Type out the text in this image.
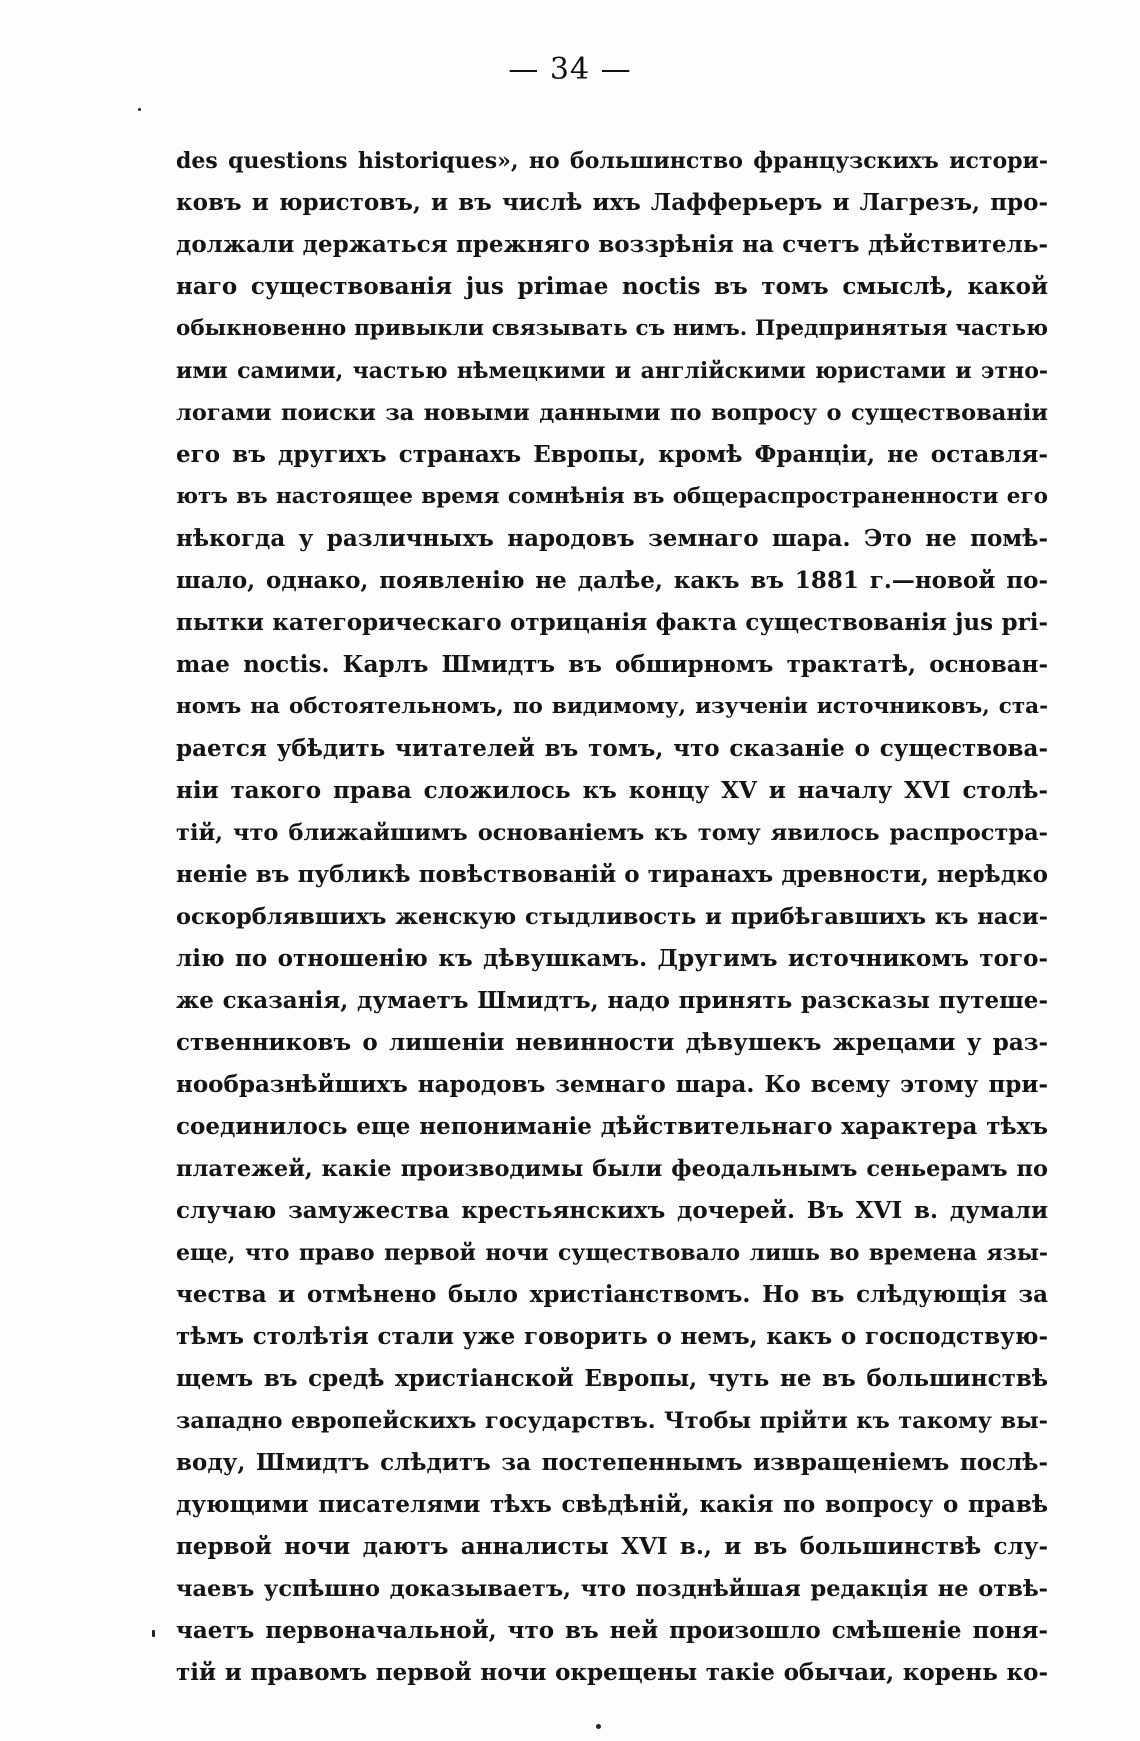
— 34 —
des questions historiques», но большинство французскихъ истори-
ковъ и юристовъ, и въ числѣ ихъ Лафферьеръ и Лагрезъ, про-
должали держаться прежняго воззрѣнія на счетъ дѣйствитель-
наго существованія jus primae noctis въ томъ смыслѣ, какой
обыкновенно привыкли связывать съ нимъ. Предпринятыя частью
ими самими, частью нѣмецкими и англійскими юристами и этно-
логами поиски за новыми данными по вопросу о существованіи
его въ другихъ странахъ Европы, кромѣ Франціи, не оставля-
ютъ въ настоящее время сомнѣнія въ общераспространенности его
нѣкогда у различныхъ народовъ земнаго шара. Это не помѣ-
шало, однако, появленію не далѣе, какъ въ 1881 г.—новой по-
пытки категорическаго отрицанія факта существованія jus pri-
mae noctis. Карлъ Шмидтъ въ обширномъ трактатѣ, основан-
номъ на обстоятельномъ, по видимому, изученіи источниковъ, ста-
рается убѣдить читателей въ томъ, что сказаніе о существова-
ніи такого права сложилось къ концу XV и началу XVI столѣ-
тій, что ближайшимъ основаніемъ къ тому явилось распростра-
неніе въ публикѣ повѣствованій о тиранахъ древности, нерѣдко
оскорблявшихъ женскую стыдливость и прибѣгавшихъ къ наси-
лію по отношенію къ дѣвушкамъ. Другимъ источникомъ того-
же сказанія, думаетъ Шмидтъ, надо принять разсказы путеше-
ственниковъ о лишеніи невинности дѣвушекъ жрецами у раз-
нообразнѣйшихъ народовъ земнаго шара. Ко всему этому при-
соединилось еще непониманіе дѣйствительнаго характера тѣхъ
платежей, какіе производимы были феодальнымъ сеньерамъ по
случаю замужества крестьянскихъ дочерей. Въ XVI в. думали
еще, что право первой ночи существовало лишь во времена язы-
чества и отмѣнено было христіанствомъ. Но въ слѣдующія за
тѣмъ столѣтія стали уже говорить о немъ, какъ о господствую-
щемъ въ средѣ христіанской Европы, чуть не въ большинствѣ
западно европейскихъ государствъ. Чтобы прійти къ такому вы-
воду, Шмидтъ слѣдитъ за постепеннымъ извращеніемъ послѣ-
дующими писателями тѣхъ свѣдѣній, какія по вопросу о правѣ
первой ночи даютъ анналисты XVI в., и въ большинствѣ слу-
чаевъ успѣшно доказываетъ, что позднѣйшая редакція не отвѣ-
чаетъ первоначальной, что въ ней произошло смѣшеніе поня-
тій и правомъ первой ночи окрещены такіе обычаи, корень ко-
